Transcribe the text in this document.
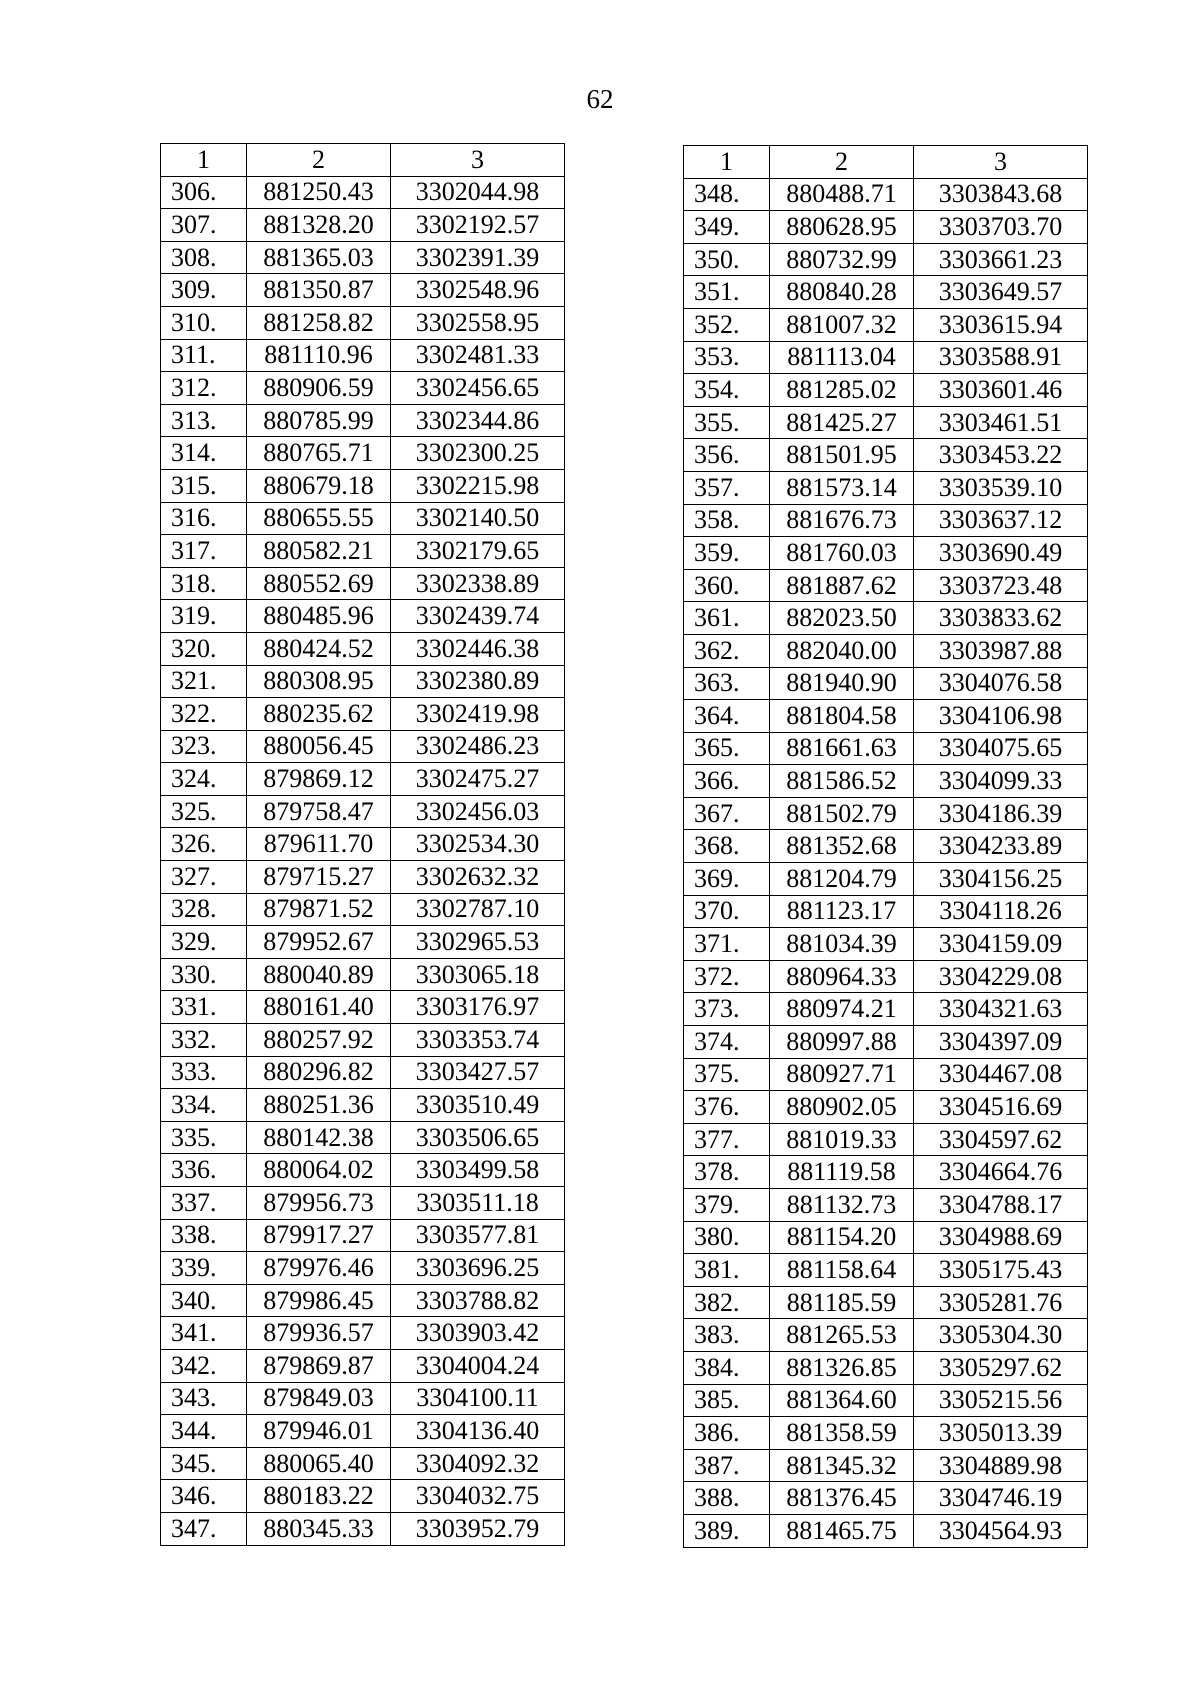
62
1	2	3
306.	881250.43	3302044.98
307.	881328.20	3302192.57
308.	881365.03	3302391.39
309.	881350.87	3302548.96
310.	881258.82	3302558.95
311.	881110.96	3302481.33
312.	880906.59	3302456.65
313.	880785.99	3302344.86
314.	880765.71	3302300.25
315.	880679.18	3302215.98
316.	880655.55	3302140.50
317.	880582.21	3302179.65
318.	880552.69	3302338.89
319.	880485.96	3302439.74
320.	880424.52	3302446.38
321.	880308.95	3302380.89
322.	880235.62	3302419.98
323.	880056.45	3302486.23
324.	879869.12	3302475.27
325.	879758.47	3302456.03
326.	879611.70	3302534.30
327.	879715.27	3302632.32
328.	879871.52	3302787.10
329.	879952.67	3302965.53
330.	880040.89	3303065.18
331.	880161.40	3303176.97
332.	880257.92	3303353.74
333.	880296.82	3303427.57
334.	880251.36	3303510.49
335.	880142.38	3303506.65
336.	880064.02	3303499.58
337.	879956.73	3303511.18
338.	879917.27	3303577.81
339.	879976.46	3303696.25
340.	879986.45	3303788.82
341.	879936.57	3303903.42
342.	879869.87	3304004.24
343.	879849.03	3304100.11
344.	879946.01	3304136.40
345.	880065.40	3304092.32
346.	880183.22	3304032.75
347.	880345.33	3303952.79
1	2	3
348.	880488.71	3303843.68
349.	880628.95	3303703.70
350.	880732.99	3303661.23
351.	880840.28	3303649.57
352.	881007.32	3303615.94
353.	881113.04	3303588.91
354.	881285.02	3303601.46
355.	881425.27	3303461.51
356.	881501.95	3303453.22
357.	881573.14	3303539.10
358.	881676.73	3303637.12
359.	881760.03	3303690.49
360.	881887.62	3303723.48
361.	882023.50	3303833.62
362.	882040.00	3303987.88
363.	881940.90	3304076.58
364.	881804.58	3304106.98
365.	881661.63	3304075.65
366.	881586.52	3304099.33
367.	881502.79	3304186.39
368.	881352.68	3304233.89
369.	881204.79	3304156.25
370.	881123.17	3304118.26
371.	881034.39	3304159.09
372.	880964.33	3304229.08
373.	880974.21	3304321.63
374.	880997.88	3304397.09
375.	880927.71	3304467.08
376.	880902.05	3304516.69
377.	881019.33	3304597.62
378.	881119.58	3304664.76
379.	881132.73	3304788.17
380.	881154.20	3304988.69
381.	881158.64	3305175.43
382.	881185.59	3305281.76
383.	881265.53	3305304.30
384.	881326.85	3305297.62
385.	881364.60	3305215.56
386.	881358.59	3305013.39
387.	881345.32	3304889.98
388.	881376.45	3304746.19
389.	881465.75	3304564.93
